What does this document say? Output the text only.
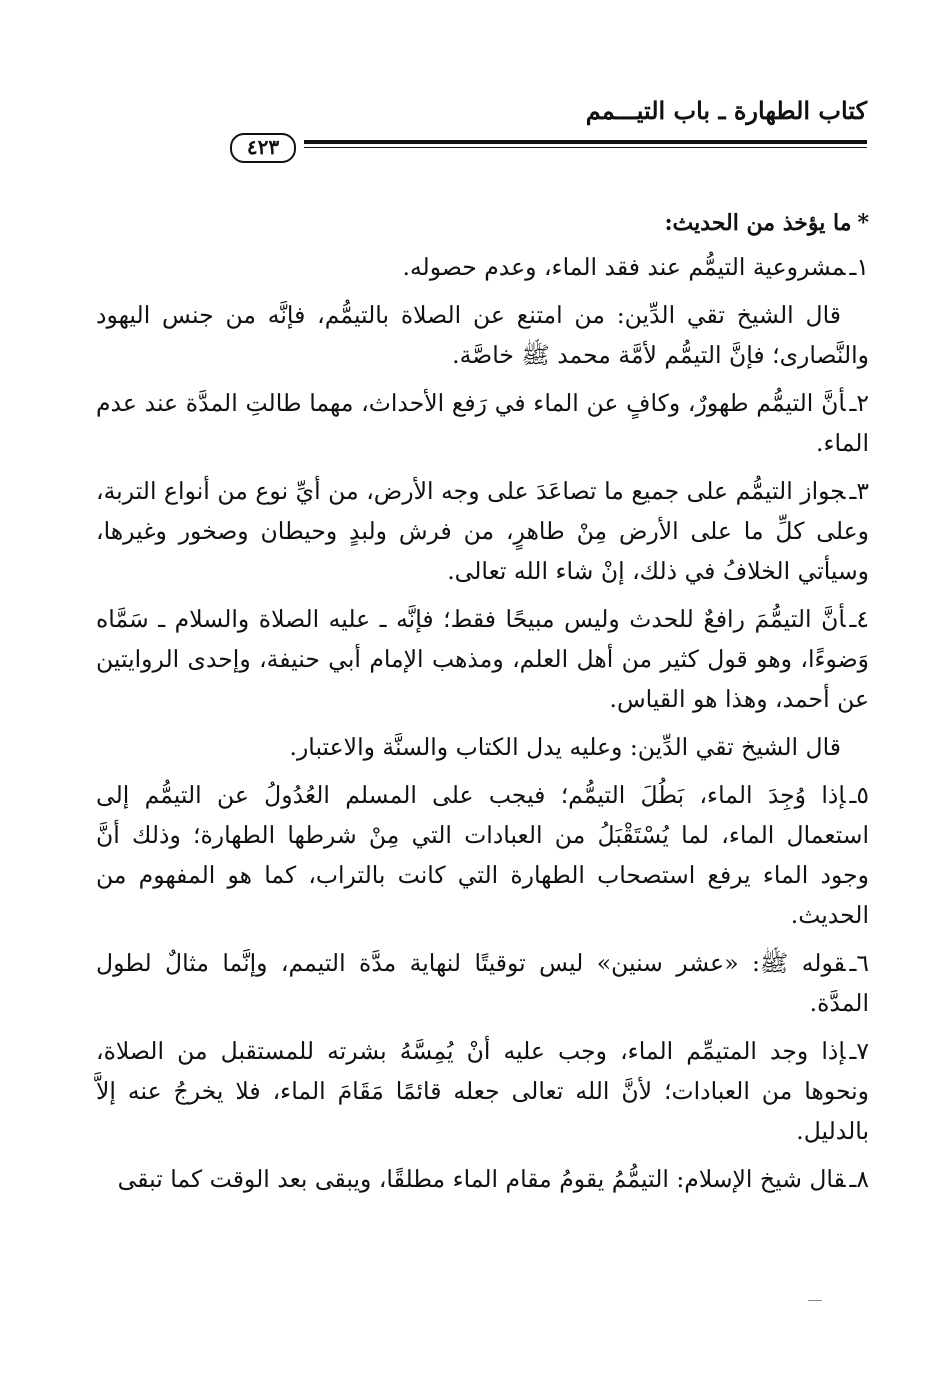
كتاب الطهارة ـ باب التيـــمم
٤٢٣
*ما يؤخذ من الحديث:

١ـمشروعية التيمُّم عند فقد الماء، وعدم حصوله.

قال الشيخ تقي الدِّين: من امتنع عن الصلاة بالتيمُّم، فإنَّه من جنس اليهود والنَّصارى؛ فإنَّ التيمُّم لأمَّة محمد ﷺ خاصَّة.

٢ـأنَّ التيمُّم طهورٌ، وكافٍ عن الماء في رَفع الأحداث، مهما طالتِ المدَّة عند عدم الماء.

٣ـجواز التيمُّم على جميع ما تصاعَدَ على وجه الأرض، من أيِّ نوع من أنواع التربة، وعلى كلِّ ما على الأرض مِنْ طاهرٍ، من فرش ولبدٍ وحيطان وصخور وغيرها، وسيأتي الخلافُ في ذلك، إنْ شاء الله تعالى.

٤ـأنَّ التيمُّمَ رافعٌ للحدث وليس مبيحًا فقط؛ فإنَّه ـ عليه الصلاة والسلام ـ سَمَّاه وَضوءًا، وهو قول كثير من أهل العلم، ومذهب الإمام أبي حنيفة، وإحدى الروايتين عن أحمد، وهذا هو القياس.

قال الشيخ تقي الدِّين: وعليه يدل الكتاب والسنَّة والاعتبار.

٥ـإذا وُجِدَ الماء، بَطُلَ التيمُّم؛ فيجب على المسلم العُدُولُ عن التيمُّم إلى استعمال الماء، لما يُسْتَقْبَلُ من العبادات التي مِنْ شرطها الطهارة؛ وذلك أنَّ وجود الماء يرفع استصحاب الطهارة التي كانت بالتراب، كما هو المفهوم من الحديث.

٦ـقوله ﷺ: «عشر سنين» ليس توقيتًا لنهاية مدَّة التيمم، وإنَّما مثالٌ لطول المدَّة.

٧ـإذا وجد المتيمِّم الماء، وجب عليه أنْ يُمِسَّهُ بشرته للمستقبل من الصلاة، ونحوها من العبادات؛ لأنَّ الله تعالى جعله قائمًا مَقَامَ الماء، فلا يخرجُ عنه إلاَّ بالدليل.

٨ـقال شيخ الإسلام: التيمُّمُ يقومُ مقام الماء مطلقًا، ويبقى بعد الوقت كما تبقى
